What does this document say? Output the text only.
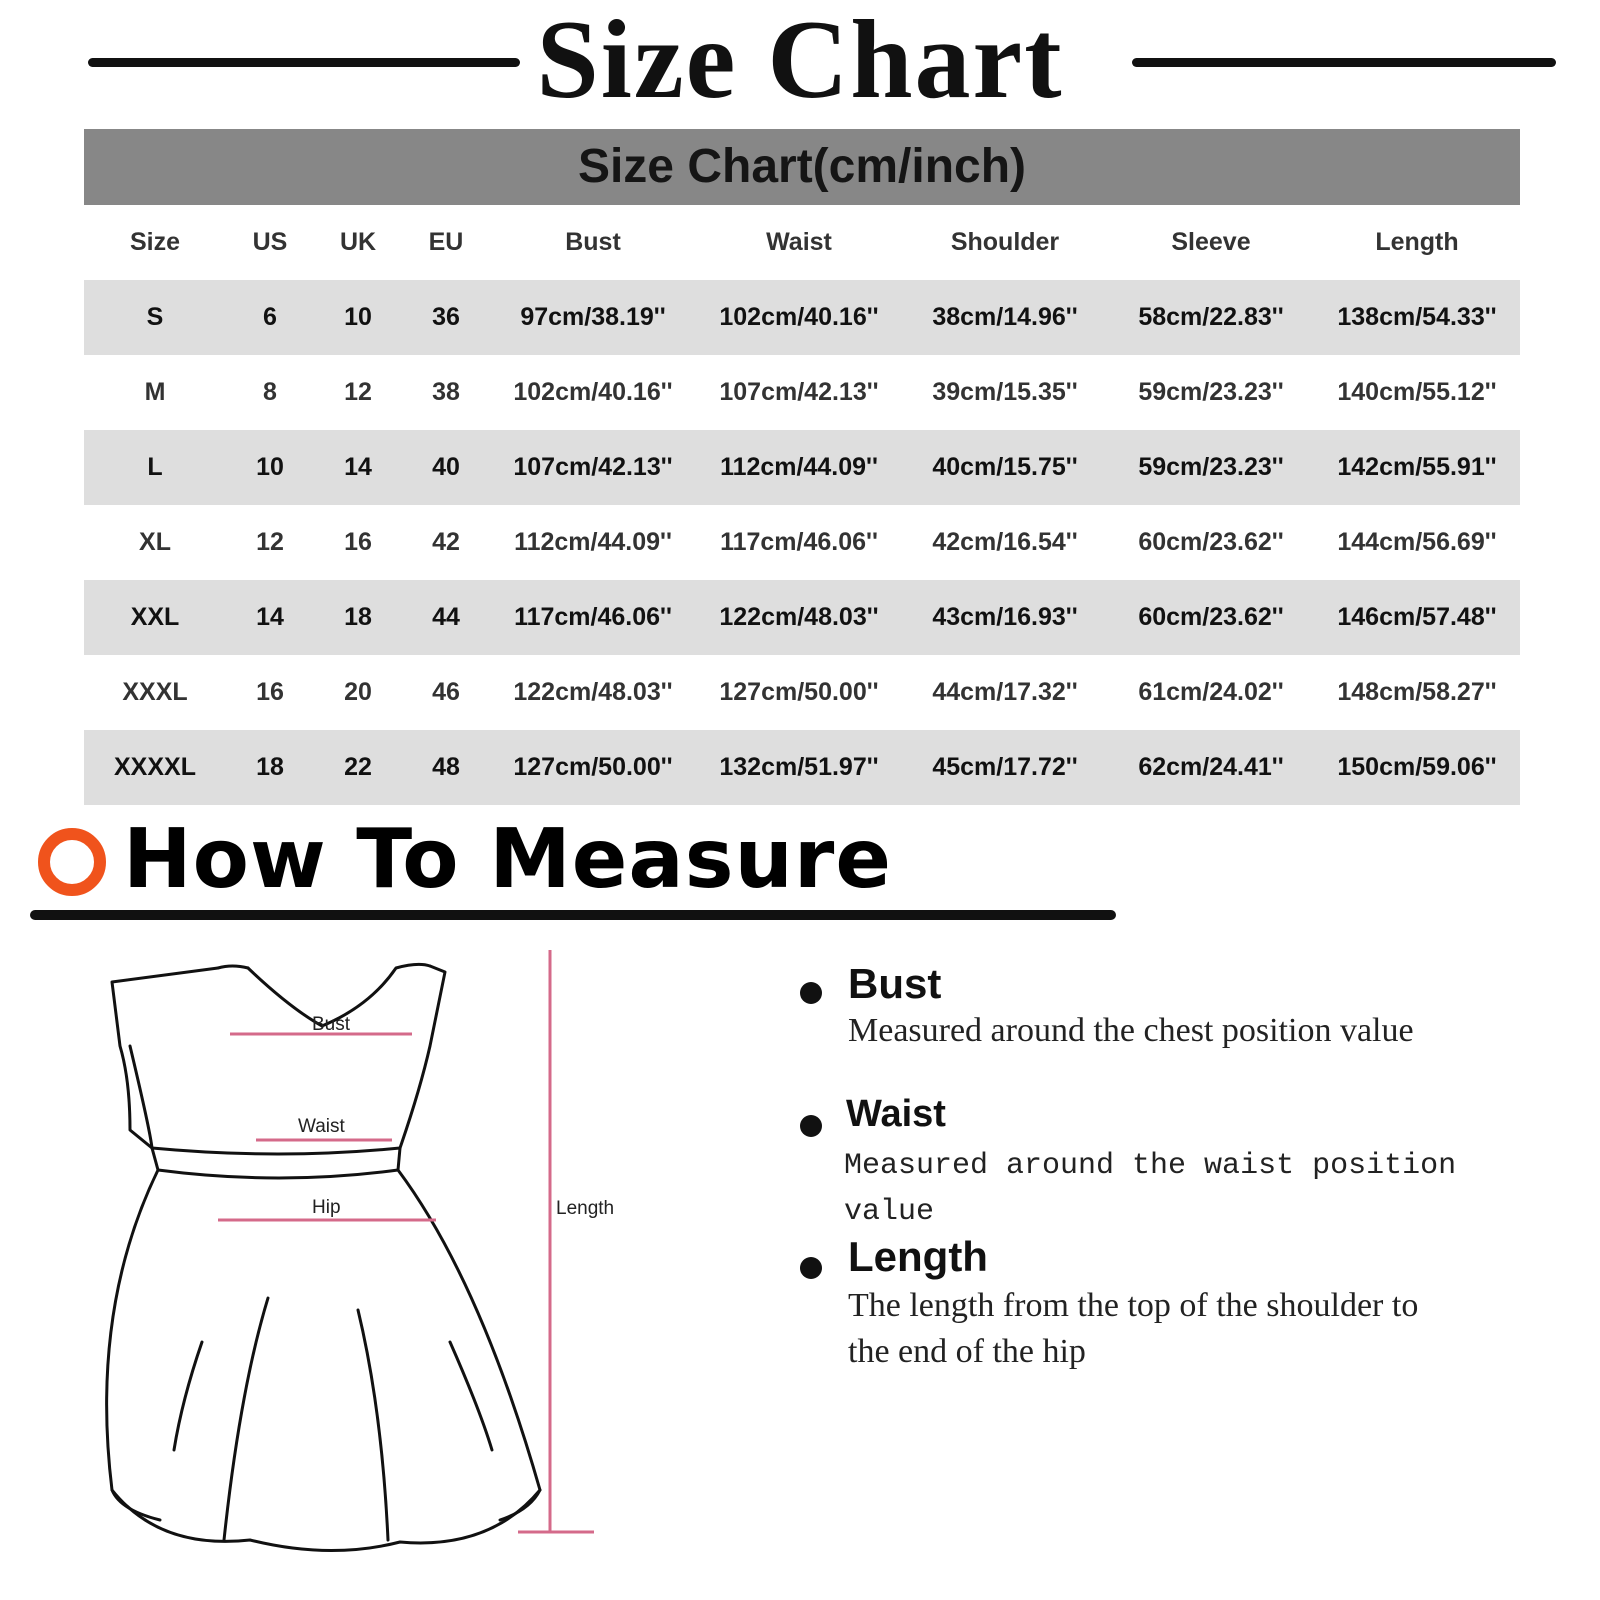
Size Chart
Size Chart(cm/inch)
Size	US	UK	EU	Bust	Waist	Shoulder	Sleeve	Length
S	6	10	36	97cm/38.19''	102cm/40.16''	38cm/14.96''	58cm/22.83''	138cm/54.33''
M	8	12	38	102cm/40.16''	107cm/42.13''	39cm/15.35''	59cm/23.23''	140cm/55.12''
L	10	14	40	107cm/42.13''	112cm/44.09''	40cm/15.75''	59cm/23.23''	142cm/55.91''
XL	12	16	42	112cm/44.09''	117cm/46.06''	42cm/16.54''	60cm/23.62''	144cm/56.69''
XXL	14	18	44	117cm/46.06''	122cm/48.03''	43cm/16.93''	60cm/23.62''	146cm/57.48''
XXXL	16	20	46	122cm/48.03''	127cm/50.00''	44cm/17.32''	61cm/24.02''	148cm/58.27''
XXXXL	18	22	48	127cm/50.00''	132cm/51.97''	45cm/17.72''	62cm/24.41''	150cm/59.06''
How To Measure
Bust
Waist
Hip	Length
Bust
Measured around the chest position value
Waist
Measured around the waist position value
Length
The length from the top of the shoulder to the end of the hip
